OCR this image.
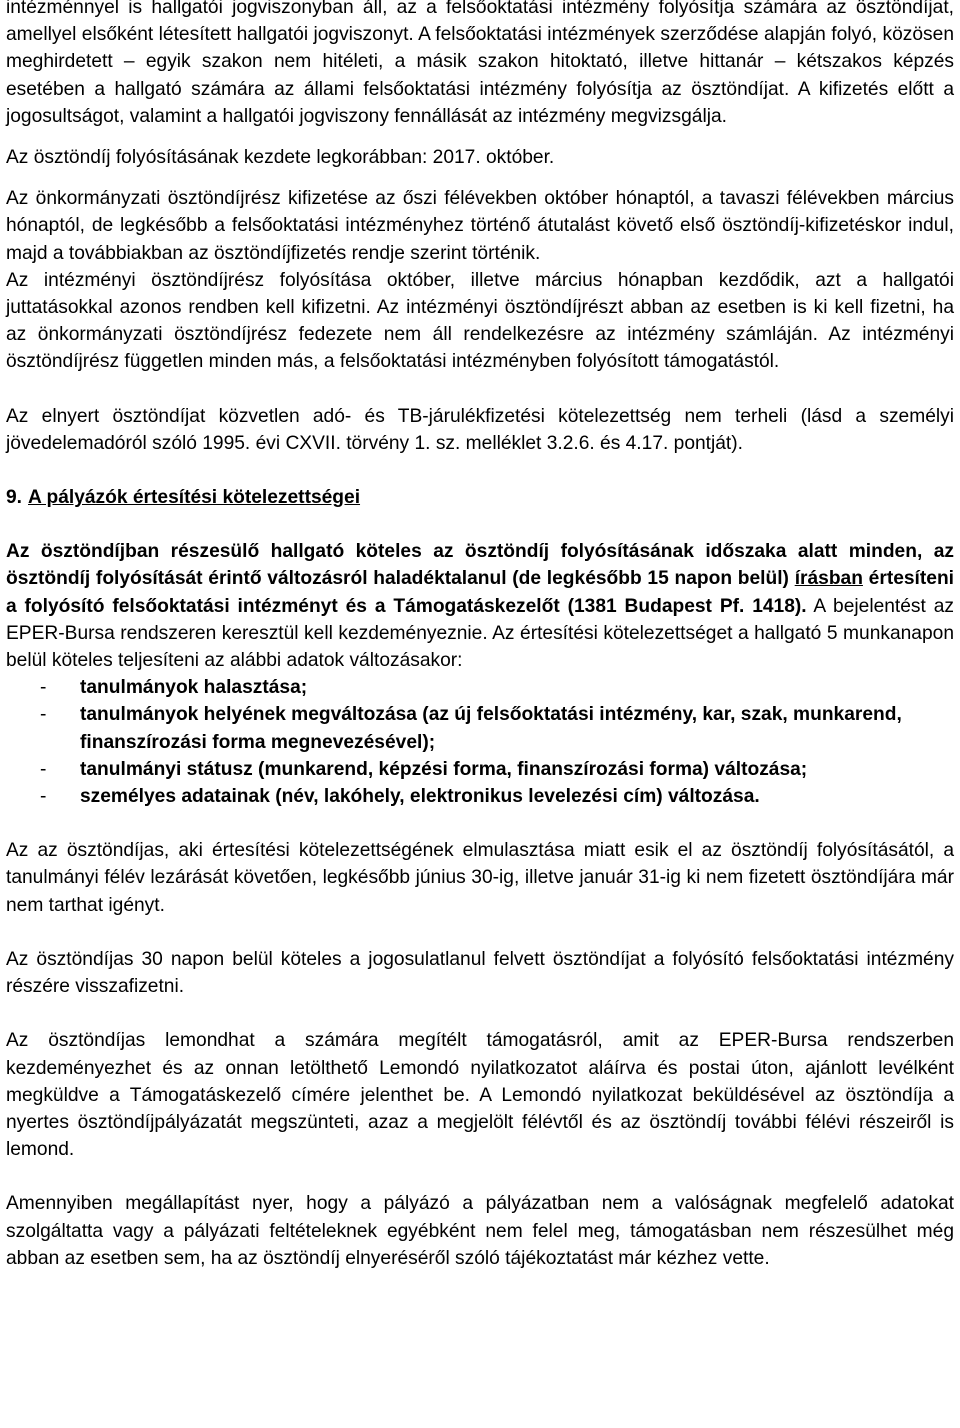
intézménnyel is hallgatói jogviszonyban áll, az a felsőoktatási intézmény folyósítja számára az ösztöndíjat, amellyel elsőként létesített hallgatói jogviszonyt. A felsőoktatási intézmények szerződése alapján folyó, közösen meghirdetett – egyik szakon nem hitéleti, a másik szakon hitoktató, illetve hittanár – kétszakos képzés esetében a hallgató számára az állami felsőoktatási intézmény folyósítja az ösztöndíjat. A kifizetés előtt a jogosultságot, valamint a hallgatói jogviszony fennállását az intézmény megvizsgálja.

Az ösztöndíj folyósításának kezdete legkorábban: 2017. október.

Az önkormányzati ösztöndíjrész kifizetése az őszi félévekben október hónaptól, a tavaszi félévekben március hónaptól, de legkésőbb a felsőoktatási intézményhez történő átutalást követő első ösztöndíj-kifizetéskor indul, majd a továbbiakban az ösztöndíjfizetés rendje szerint történik.

Az intézményi ösztöndíjrész folyósítása október, illetve március hónapban kezdődik, azt a hallgatói juttatásokkal azonos rendben kell kifizetni. Az intézményi ösztöndíjrészt abban az esetben is ki kell fizetni, ha az önkormányzati ösztöndíjrész fedezete nem áll rendelkezésre az intézmény számláján. Az intézményi ösztöndíjrész független minden más, a felsőoktatási intézményben folyósított támogatástól.

Az elnyert ösztöndíjat közvetlen adó- és TB-járulékfizetési kötelezettség nem terheli (lásd a személyi jövedelemadóról szóló 1995. évi CXVII. törvény 1. sz. melléklet 3.2.6. és 4.17. pontját).

9. A pályázók értesítési kötelezettségei

Az ösztöndíjban részesülő hallgató köteles az ösztöndíj folyósításának időszaka alatt minden, az ösztöndíj folyósítását érintő változásról haladéktalanul (de legkésőbb 15 napon belül) írásban értesíteni a folyósító felsőoktatási intézményt és a Támogatáskezelőt (1381 Budapest Pf. 1418). A bejelentést az EPER-Bursa rendszeren keresztül kell kezdeményeznie. Az értesítési kötelezettséget a hallgató 5 munkanapon belül köteles teljesíteni az alábbi adatok változásakor:

- tanulmányok halasztása;
- tanulmányok helyének megváltozása (az új felsőoktatási intézmény, kar, szak, munkarend, finanszírozási forma megnevezésével);
- tanulmányi státusz (munkarend, képzési forma, finanszírozási forma) változása;
- személyes adatainak (név, lakóhely, elektronikus levelezési cím) változása.

Az az ösztöndíjas, aki értesítési kötelezettségének elmulasztása miatt esik el az ösztöndíj folyósításától, a tanulmányi félév lezárását követően, legkésőbb június 30-ig, illetve január 31-ig ki nem fizetett ösztöndíjára már nem tarthat igényt.

Az ösztöndíjas 30 napon belül köteles a jogosulatlanul felvett ösztöndíjat a folyósító felsőoktatási intézmény részére visszafizetni.

Az ösztöndíjas lemondhat a számára megítélt támogatásról, amit az EPER-Bursa rendszerben kezdeményezhet és az onnan letölthető Lemondó nyilatkozatot aláírva és postai úton, ajánlott levélként megküldve a Támogatáskezelő címére jelenthet be. A Lemondó nyilatkozat beküldésével az ösztöndíja a nyertes ösztöndíjpályázatát megszünteti, azaz a megjelölt félévtől és az ösztöndíj további félévi részeiről is lemond.

Amennyiben megállapítást nyer, hogy a pályázó a pályázatban nem a valóságnak megfelelő adatokat szolgáltatta vagy a pályázati feltételeknek egyébként nem felel meg, támogatásban nem részesülhet még abban az esetben sem, ha az ösztöndíj elnyeréséről szóló tájékoztatást már kézhez vette.
